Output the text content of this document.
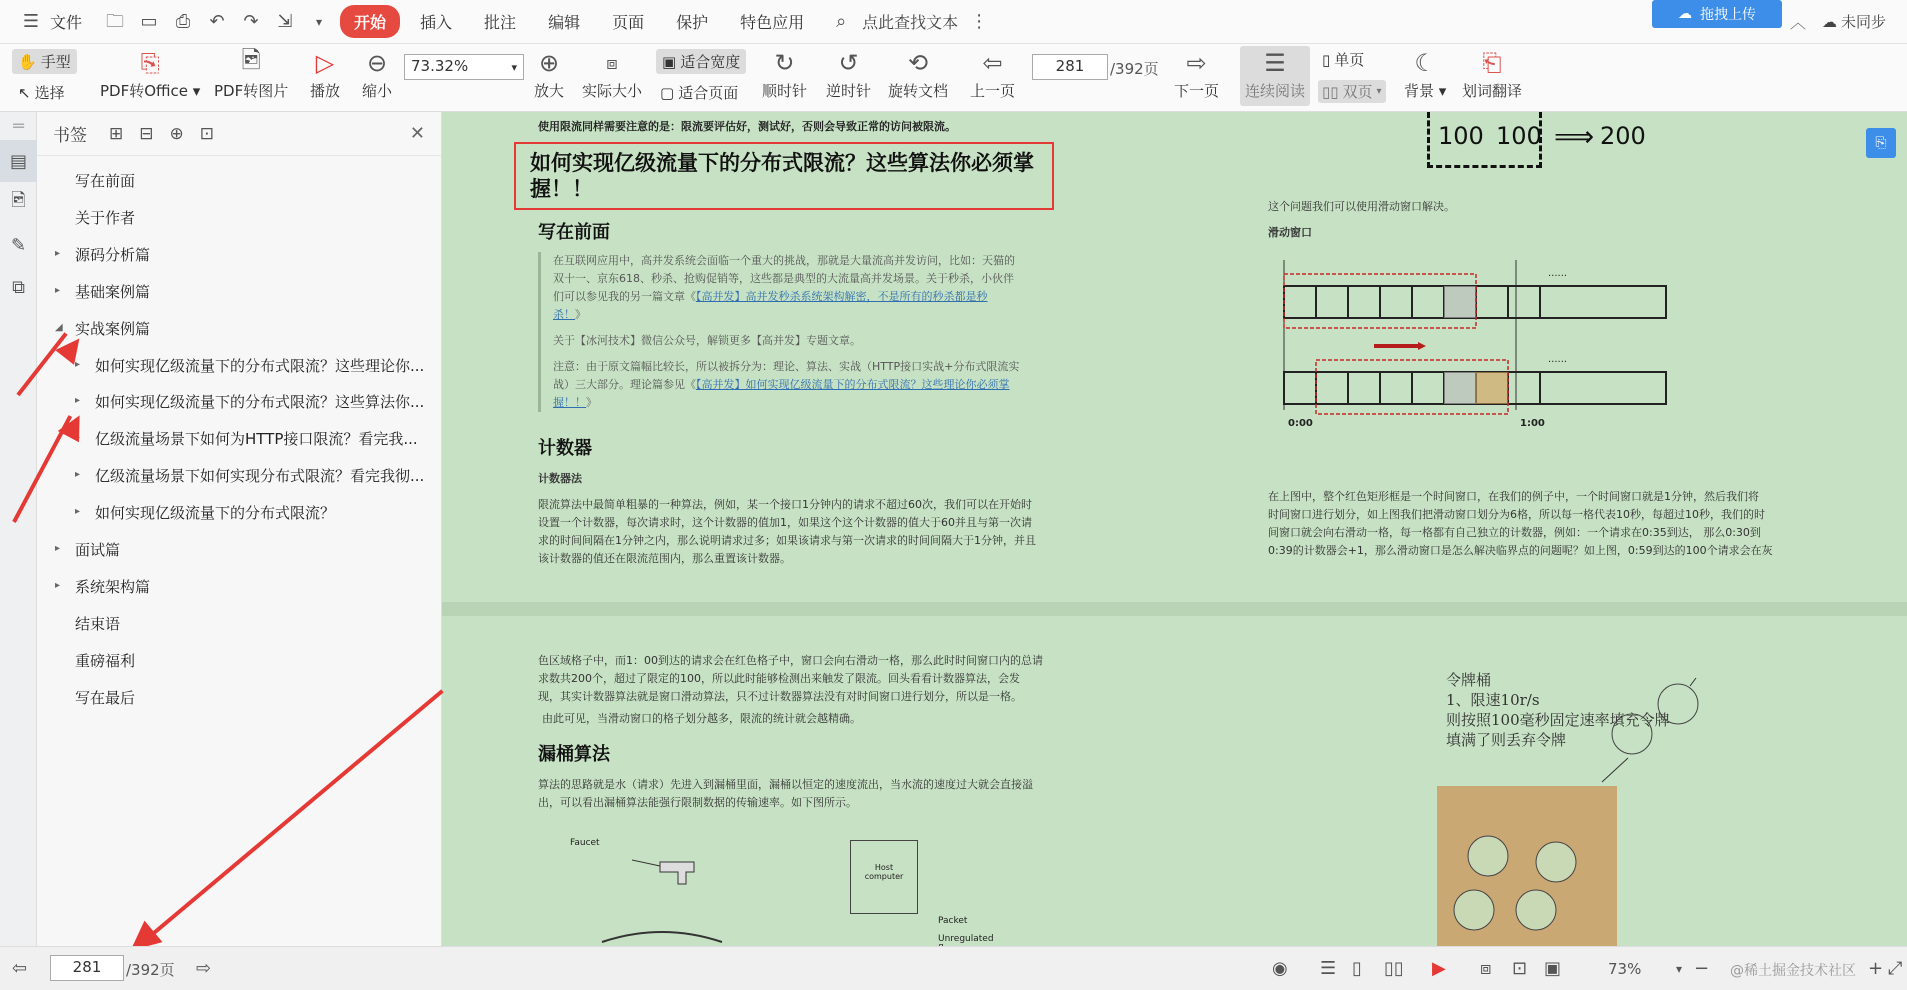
☰ 文件	🗀 ▭ ⎙ ↶ ↷ ⇲	▾	开始	插入	批注	编辑	页面	保护	特色应用	⌕ 点此查找文本 ⋮	☁ 拖拽上传 ︿ ☁ 未同步
✋ 手型
↖ 选择
⎘
PDF转Office ▾
🖻
PDF转图片
▷
播放
⊖
缩小
73.32%	▾ ⊕
放大
⧈
实际大小
▣ 适合宽度
▢ 适合页面
↻
顺时针
↺
逆时针
⟲
旋转文档
⇦
上一页
281	/392页 ⇨
下一页
☰
连续阅读
▯ 单页
▯▯ 双页 ▾
☾
背景 ▾
⎗
划词翻译
═
▤
🖻
✎
⧉
书签 ⊞ ⊟ ⊕ ⊡	✕
写在前面
关于作者
▸ 源码分析篇
▸ 基础案例篇
◢ 实战案例篇
▸ 如何实现亿级流量下的分布式限流？这些理论你...
▸ 如何实现亿级流量下的分布式限流？这些算法你...
▸ 亿级流量场景下如何为HTTP接口限流？看完我...
▸ 亿级流量场景下如何实现分布式限流？看完我彻...
▸ 如何实现亿级流量下的分布式限流？
▸ 面试篇
▸ 系统架构篇
结束语
重磅福利
写在最后
使用限流同样需要注意的是：限流要评估好，测试好，否则会导致正常的访问被限流。
如何实现亿级流量下的分布式限流？这些算法你必须掌握！！
写在前面
在互联网应用中，高并发系统会面临一个重大的挑战，那就是大量流高并发访问，比如：天猫的
双十一、京东618、秒杀、抢购促销等，这些都是典型的大流量高并发场景。关于秒杀，小伙伴
们可以参见我的另一篇文章《【高并发】高并发秒杀系统架构解密，不是所有的秒杀都是秒
杀！》
关于【冰河技术】微信公众号，解锁更多【高并发】专题文章。
注意：由于原文篇幅比较长，所以被拆分为：理论、算法、实战（HTTP接口实战+分布式限流实
战）三大部分。理论篇参见《【高并发】如何实现亿级流量下的分布式限流？这些理论你必须掌
握！！》
计数器
计数器法
限流算法中最简单粗暴的一种算法，例如，某一个接口1分钟内的请求不超过60次，我们可以在开始时
设置一个计数器，每次请求时，这个计数器的值加1，如果这个这个计数器的值大于60并且与第一次请
求的时间间隔在1分钟之内，那么说明请求过多；如果该请求与第一次请求的时间间隔大于1分钟，并且
该计数器的值还在限流范围内，那么重置该计数器。
100 100 ⟹ 200
这个问题我们可以使用滑动窗口解决。
滑动窗口
......
......
0:00	1:00
在上图中，整个红色矩形框是一个时间窗口，在我们的例子中，一个时间窗口就是1分钟，然后我们将
时间窗口进行划分，如上图我们把滑动窗口划分为6格，所以每一格代表10秒，每超过10秒，我们的时
间窗口就会向右滑动一格，每一格都有自己独立的计数器，例如：一个请求在0:35到达， 那么0:30到
0:39的计数器会+1，那么滑动窗口是怎么解决临界点的问题呢？如上图，0:59到达的100个请求会在灰
色区域格子中，而1：00到达的请求会在红色格子中，窗口会向右滑动一格，那么此时时间窗口内的总请
求数共200个，超过了限定的100，所以此时能够检测出来触发了限流。回头看看计数器算法，会发
现，其实计数器算法就是窗口滑动算法，只不过计数器算法没有对时间窗口进行划分，所以是一格。
由此可见，当滑动窗口的格子划分越多，限流的统计就会越精确。
漏桶算法
算法的思路就是水（请求）先进入到漏桶里面，漏桶以恒定的速度流出，当水流的速度过大就会直接溢
出，可以看出漏桶算法能强行限制数据的传输速率。如下图所示。
Faucet
Host
computer
Packet
Unregulated
令牌桶
1、限速10r/s
则按照100毫秒固定速率填充令牌
填满了则丢弃令牌
⎘
⇦	281	/392页 ⇨	◉ ☰ ▯ ▯▯ ▶ ⧈ ⊡ ▣	73%	▾ − @稀土掘金技术社区 + ⤢
